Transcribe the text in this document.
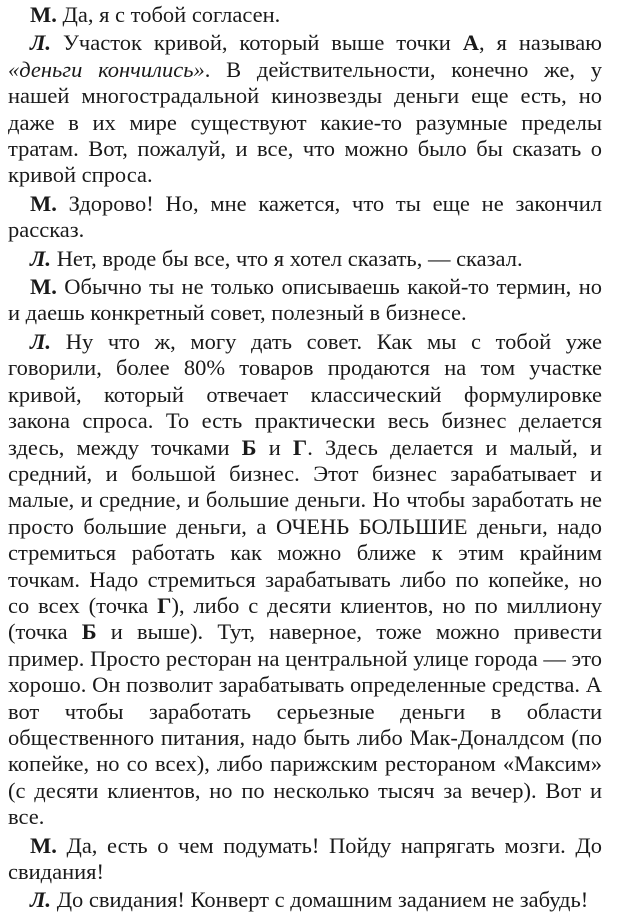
М. Да, я с тобой согласен.

Л. Участок кривой, который выше точки А, я называю «деньги кончились». В действительности, конечно же, у нашей многострадальной кинозвезды деньги еще есть, но даже в их мире существуют какие-то разумные пределы тратам. Вот, пожалуй, и все, что можно было бы сказать о кривой спроса.

М. Здорово! Но, мне кажется, что ты еще не закончил рассказ.

Л. Нет, вроде бы все, что я хотел сказать, — сказал.

М. Обычно ты не только описываешь какой-то термин, но и даешь конкретный совет, полезный в бизнесе.

Л. Ну что ж, могу дать совет. Как мы с тобой уже говорили, более 80% товаров продаются на том участке кривой, который отвечает классический формулировке закона спроса. То есть практически весь бизнес делается здесь, между точками Б и Г. Здесь делается и малый, и средний, и большой бизнес. Этот бизнес зарабатывает и малые, и средние, и большие деньги. Но чтобы заработать не просто большие деньги, а ОЧЕНЬ БОЛЬШИЕ деньги, надо стремиться работать как можно ближе к этим крайним точкам. Надо стремиться зарабатывать либо по копейке, но со всех (точка Г), либо с десяти клиентов, но по миллиону (точка Б и выше). Тут, наверное, тоже можно привести пример. Просто ресторан на центральной улице города — это хорошо. Он позволит зарабатывать определенные средства. А вот чтобы заработать серьезные деньги в области общественного питания, надо быть либо Мак-Доналдсом (по копейке, но со всех), либо парижским рестораном «Максим» (с десяти клиентов, но по несколько тысяч за вечер). Вот и все.

М. Да, есть о чем подумать! Пойду напрягать мозги. До свидания!

Л. До свидания! Конверт с домашним заданием не забудь!
